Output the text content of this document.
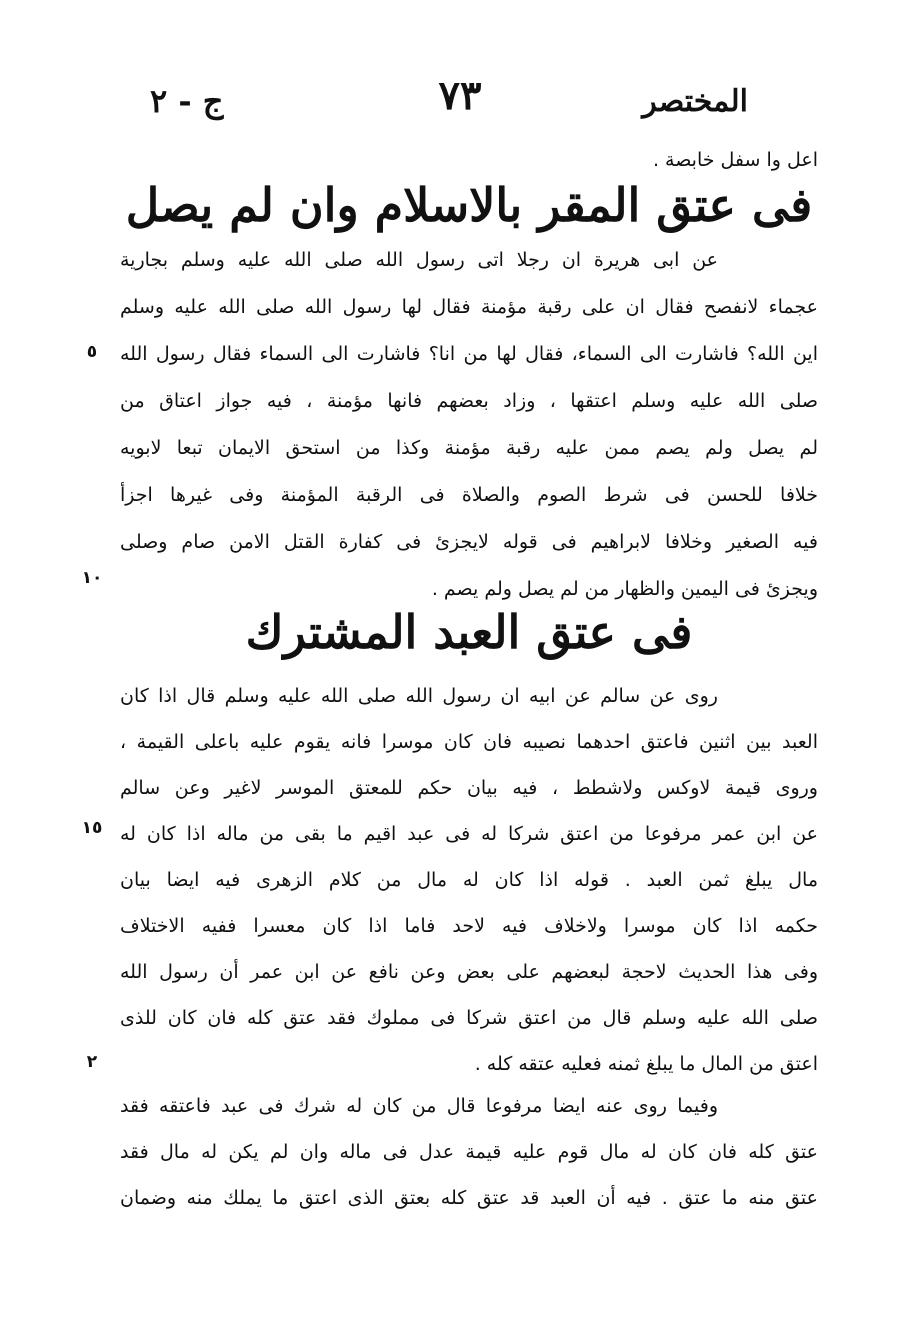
المختصر
٧٣
ج - ٢
اعل وا سفل خابصة .
فى عتق المقر بالاسلام وان لم يصل
عن ابى هريرة ان رجلا اتى رسول الله صلى الله عليه وسلم بجارية
عجماء لانفصح فقال ان على رقبة مؤمنة فقال لها رسول الله صلى الله عليه وسلم
اين الله؟ فاشارت الى السماء، فقال لها من انا؟ فاشارت الى السماء فقال رسول الله
صلى الله عليه وسلم اعتقها ، وزاد بعضهم فانها مؤمنة ، فيه جواز اعتاق من
لم يصل ولم يصم ممن عليه رقبة مؤمنة وكذا من استحق الايمان تبعا لابويه
خلافا للحسن فى شرط الصوم والصلاة فى الرقبة المؤمنة وفى غيرها اجزأ
فيه الصغير وخلافا لابراهيم فى قوله لايجزئ فى كفارة القتل الامن صام وصلى
ويجزئ فى اليمين والظهار من لم يصل ولم يصم .
فى عتق العبد المشترك
روى عن سالم عن ابيه ان رسول الله صلى الله عليه وسلم قال اذا كان
العبد بين اثنين فاعتق احدهما نصيبه فان كان موسرا فانه يقوم عليه باعلى القيمة ،
وروى قيمة لاوكس ولاشطط ، فيه بيان حكم للمعتق الموسر لاغير وعن سالم
عن ابن عمر مرفوعا من اعتق شركا له فى عبد اقيم ما بقى من ماله اذا كان له
مال يبلغ ثمن العبد . قوله اذا كان له مال من كلام الزهرى فيه ايضا بيان
حكمه اذا كان موسرا ولاخلاف فيه لاحد فاما اذا كان معسرا ففيه الاختلاف
وفى هذا الحديث لاحجة لبعضهم على بعض وعن نافع عن ابن عمر أن رسول الله
صلى الله عليه وسلم قال من اعتق شركا فى مملوك فقد عتق كله فان كان للذى
اعتق من المال ما يبلغ ثمنه فعليه عتقه كله .
وفيما روى عنه ايضا مرفوعا قال من كان له شرك فى عبد فاعتقه فقد
عتق كله فان كان له مال قوم عليه قيمة عدل فى ماله وان لم يكن له مال فقد
عتق منه ما عتق . فيه أن العبد قد عتق كله بعتق الذى اعتق ما يملك منه وضمان
٥
١٠
١٥
٢
